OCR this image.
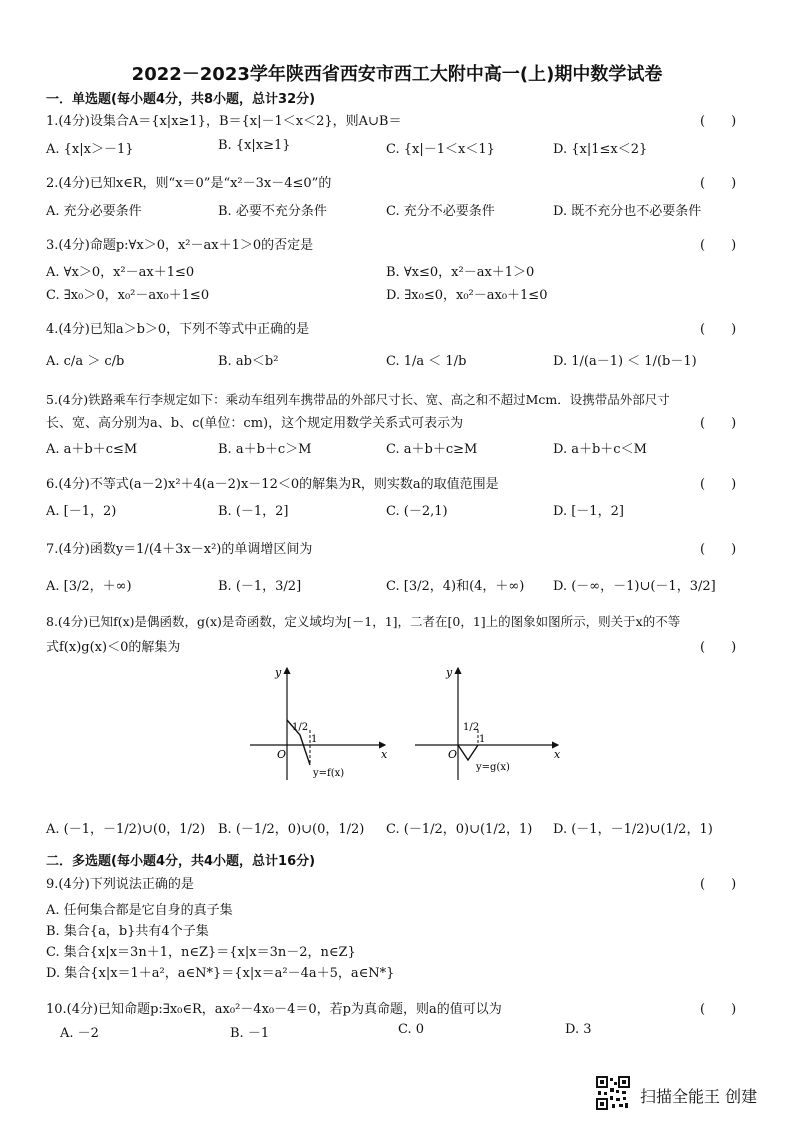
2022－2023学年陕西省西安市西工大附中高一(上)期中数学试卷
一．单选题(每小题4分，共8小题，总计32分)
1.(4分)设集合A＝{x|x≥1}，B＝{x|－1＜x＜2}，则A∪B＝	(　　)
A. {x|x＞－1}	B. {x|x≥1}	C. {x|－1＜x＜1}	D. {x|1≤x＜2}
2.(4分)已知x∈R，则“x＝0”是“x²－3x－4≤0”的	(　　)
A. 充分必要条件	B. 必要不充分条件	C. 充分不必要条件	D. 既不充分也不必要条件
3.(4分)命题p:∀x＞0，x²－ax＋1＞0的否定是	(　　)
A. ∀x＞0，x²－ax＋1≤0	B. ∀x≤0，x²－ax＋1＞0
C. ∃x₀＞0，x₀²－ax₀＋1≤0	D. ∃x₀≤0，x₀²－ax₀＋1≤0
4.(4分)已知a＞b＞0，下列不等式中正确的是	(　　)
A. c/a ＞ c/b	B. ab＜b²	C. 1/a ＜ 1/b	D. 1/(a－1) ＜ 1/(b－1)
5.(4分)铁路乘车行李规定如下：乘动车组列车携带品的外部尺寸长、宽、高之和不超过Mcm．设携带品外部尺寸
长、宽、高分别为a、b、c(单位：cm)，这个规定用数学关系式可表示为	(　　)
A. a＋b＋c≤M	B. a＋b＋c＞M	C. a＋b＋c≥M	D. a＋b＋c＜M
6.(4分)不等式(a－2)x²＋4(a－2)x－12＜0的解集为R，则实数a的取值范围是	(　　)
A. [－1，2)	B. (－1，2]	C. (－2,1)	D. [－1，2]
7.(4分)函数y＝1/(4＋3x－x²)的单调增区间为	(　　)
A. [3/2，＋∞)	B. (－1，3/2]	C. [3/2，4)和(4，＋∞) D. (－∞，－1)∪(－1，3/2]
8.(4分)已知f(x)是偶函数，g(x)是奇函数，定义域均为[－1，1]，二者在[0，1]上的图象如图所示，则关于x的不等
式f(x)g(x)＜0的解集为	(　　)
y
x
O
1/2
1
y=f(x)
y
x
O
1/2
1
y=g(x)
A. (－1，－1/2)∪(0，1/2) B. (－1/2，0)∪(0，1/2) C. (－1/2，0)∪(1/2，1) D. (－1，－1/2)∪(1/2，1)
二．多选题(每小题4分，共4小题，总计16分)
9.(4分)下列说法正确的是	(　　)
A. 任何集合都是它自身的真子集
B. 集合{a，b}共有4个子集
C. 集合{x|x＝3n＋1，n∈Z}＝{x|x＝3n－2，n∈Z}
D. 集合{x|x＝1＋a²，a∈N*}＝{x|x＝a²－4a＋5，a∈N*}
10.(4分)已知命题p:∃x₀∈R，ax₀²－4x₀－4＝0，若p为真命题，则a的值可以为	(　　)
A. －2	B. －1	C. 0	D. 3
扫描全能王 创建
